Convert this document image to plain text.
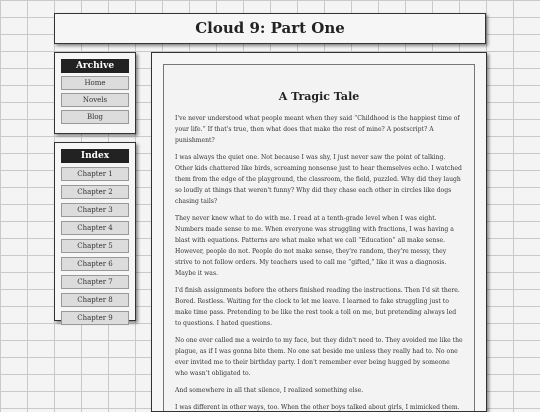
Cloud 9: Part One
Archive
Home
Novels
Blog
Index
Chapter 1
Chapter 2
Chapter 3
Chapter 4
Chapter 5
Chapter 6
Chapter 7
Chapter 8
Chapter 9
A Tragic Tale

I've never understood what people meant when they said “Childhood is the happiest time of your life.” If that's true, then what does that make the rest of mine? A postscript? A punishment?

I was always the quiet one. Not because I was shy, I just never saw the point of talking. Other kids chattered like birds, screaming nonsense just to hear themselves echo. I watched them from the edge of the playground, the classroom, the field, puzzled. Why did they laugh so loudly at things that weren't funny? Why did they chase each other in circles like dogs chasing tails?

They never knew what to do with me. I read at a tenth-grade level when I was eight. Numbers made sense to me. When everyone was struggling with fractions, I was having a blast with equations. Patterns are what make what we call “Education” all make sense. However, people do not. People do not make sense, they're random, they're messy, they strive to not follow orders. My teachers used to call me “gifted,” like it was a diagnosis. Maybe it was.

I'd finish assignments before the others finished reading the instructions. Then I'd sit there. Bored. Restless. Waiting for the clock to let me leave. I learned to fake struggling just to make time pass. Pretending to be like the rest took a toll on me, but pretending always led to questions. I hated questions.

No one ever called me a weirdo to my face, but they didn't need to. They avoided me like the plague, as if I was gonna bite them. No one sat beside me unless they really had to. No one ever invited me to their birthday party. I don't remember ever being hugged by someone who wasn't obligated to.

And somewhere in all that silence, I realized something else.

I was different in other ways, too. When the other boys talked about girls, I mimicked them.
